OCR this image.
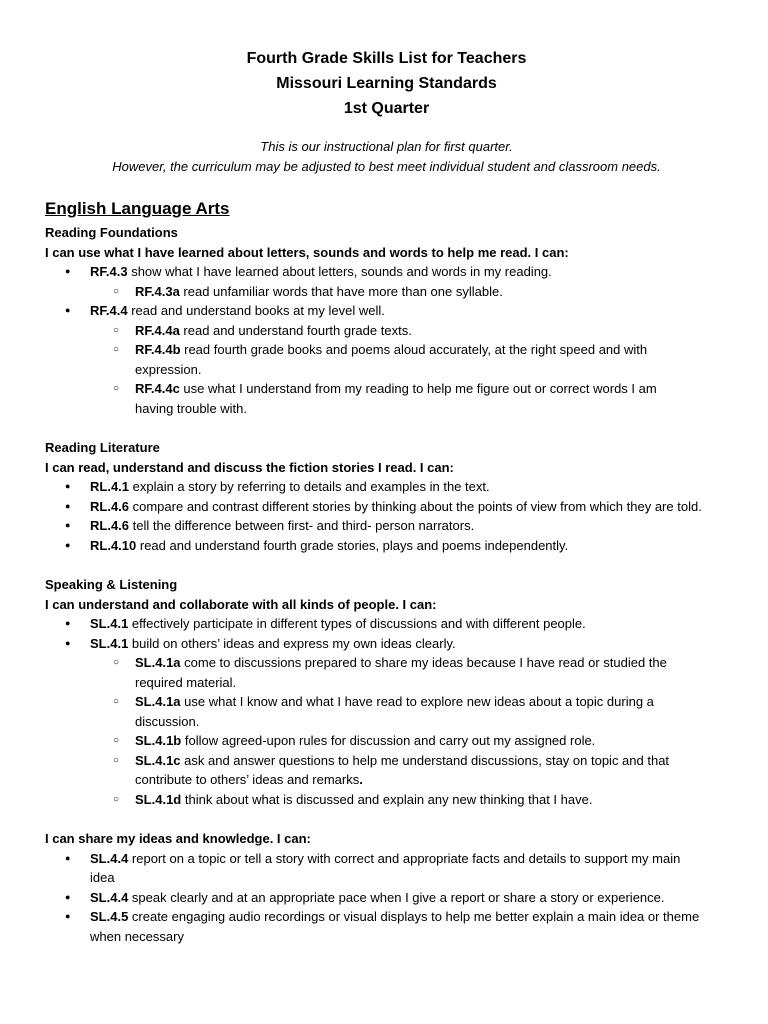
Fourth Grade Skills List for Teachers

Missouri Learning Standards

1st Quarter

This is our instructional plan for first quarter.
However, the curriculum may be adjusted to best meet individual student and classroom needs.
English Language Arts
Reading Foundations
I can use what I have learned about letters, sounds and words to help me read. I can:
● RF.4.3 show what I have learned about letters, sounds and words in my reading.
○ RF.4.3a read unfamiliar words that have more than one syllable.
● RF.4.4 read and understand books at my level well.
○ RF.4.4a read and understand fourth grade texts.
○ RF.4.4b read fourth grade books and poems aloud accurately, at the right speed and with expression.
○ RF.4.4c use what I understand from my reading to help me figure out or correct words I am having trouble with.
Reading Literature
I can read, understand and discuss the fiction stories I read. I can:
● RL.4.1 explain a story by referring to details and examples in the text.
● RL.4.6 compare and contrast different stories by thinking about the points of view from which they are told.
● RL.4.6 tell the difference between first- and third- person narrators.
● RL.4.10 read and understand fourth grade stories, plays and poems independently.
Speaking & Listening
I can understand and collaborate with all kinds of people. I can:
● SL.4.1 effectively participate in different types of discussions and with different people.
● SL.4.1 build on others’ ideas and express my own ideas clearly.
○ SL.4.1a come to discussions prepared to share my ideas because I have read or studied the required material.
○ SL.4.1a use what I know and what I have read to explore new ideas about a topic during a discussion.
○ SL.4.1b follow agreed-upon rules for discussion and carry out my assigned role.
○ SL.4.1c ask and answer questions to help me understand discussions, stay on topic and that contribute to others’ ideas and remarks.
○ SL.4.1d think about what is discussed and explain any new thinking that I have.
I can share my ideas and knowledge. I can:
● SL.4.4 report on a topic or tell a story with correct and appropriate facts and details to support my main idea
● SL.4.4 speak clearly and at an appropriate pace when I give a report or share a story or experience.
● SL.4.5 create engaging audio recordings or visual displays to help me better explain a main idea or theme when necessary
